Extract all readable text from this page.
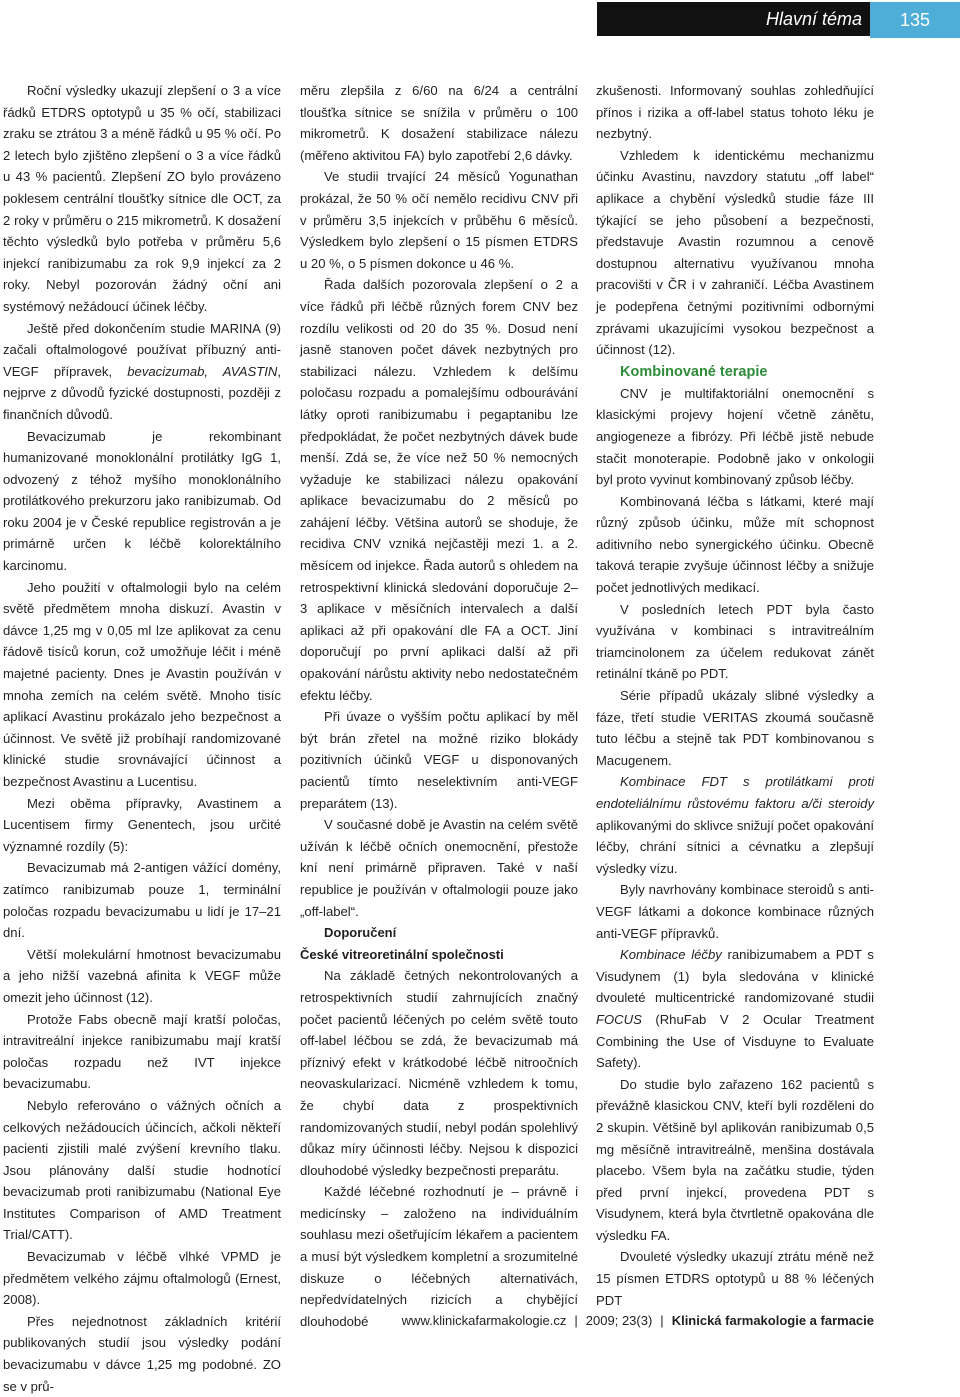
Hlavní téma	135

Roční výsledky ukazují zlepšení o 3 a více řádků ETDRS optotypů u 35 % očí, stabilizaci zraku se ztrátou 3 a méně řádků u 95 % očí. Po 2 letech bylo zjištěno zlepšení o 3 a více řádků u 43 % pacientů. Zlepšení ZO bylo provázeno poklesem centrální tloušťky sítnice dle OCT, za 2 roky v průměru o 215 mikrometrů. K dosažení těchto výsledků bylo potřeba v průměru 5,6 injekcí ranibizumabu za rok 9,9 injekcí za 2 roky. Nebyl pozorován žádný oční ani systémový nežádoucí účinek léčby.

Ještě před dokončením studie MARINA (9) začali oftalmologové používat příbuzný anti-VEGF přípravek, bevacizumab, AVASTIN, nejprve z důvodů fyzické dostupnosti, později z finančních důvodů.

Bevacizumab je rekombinant humanizované monoklonální protilátky IgG 1, odvozený z téhož myšího monoklonálního protilátkového prekurzoru jako ranibizumab. Od roku 2004 je v České republice registrován a je primárně určen k léčbě kolorektálního karcinomu.

Jeho použití v oftalmologii bylo na celém světě předmětem mnoha diskuzí. Avastin v dávce 1,25 mg v 0,05 ml lze aplikovat za cenu řádově tisíců korun, což umožňuje léčit i méně majetné pacienty. Dnes je Avastin používán v mnoha zemích na celém světě. Mnoho tisíc aplikací Avastinu prokázalo jeho bezpečnost a účinnost. Ve světě již probíhají randomizované klinické studie srovnávající účinnost a bezpečnost Avastinu a Lucentisu.

Mezi oběma přípravky, Avastinem a Lucentisem firmy Genentech, jsou určité významné rozdíly (5):

Bevacizumab má 2-antigen vážící domény, zatímco ranibizumab pouze 1, terminální poločas rozpadu bevacizumabu u lidí je 17–21 dní.

Větší molekulární hmotnost bevacizumabu a jeho nižší vazebná afinita k VEGF může omezit jeho účinnost (12).

Protože Fabs obecně mají kratší poločas, intravitreální injekce ranibizumabu mají kratší poločas rozpadu než IVT injekce bevacizumabu.

Nebylo referováno o vážných očních a celkových nežádoucích účincích, ačkoli někteří pacienti zjistili malé zvýšení krevního tlaku. Jsou plánovány další studie hodnotící bevacizumab proti ranibizumabu (National Eye Institutes Comparison of AMD Treatment Trial/CATT).

Bevacizumab v léčbě vlhké VPMD je předmětem velkého zájmu oftalmologů (Ernest, 2008).

Přes nejednotnost základních kritérií publikovaných studií jsou výsledky podání bevacizumabu v dávce 1,25 mg podobné. ZO se v prů-

měru zlepšila z 6/60 na 6/24 a centrální tloušťka sítnice se snížila v průměru o 100 mikrometrů. K dosažení stabilizace nálezu (měřeno aktivitou FA) bylo zapotřebí 2,6 dávky.

Ve studii trvající 24 měsíců Yogunathan prokázal, že 50 % očí nemělo recidivu CNV při v průměru 3,5 injekcích v průběhu 6 měsíců. Výsledkem bylo zlepšení o 15 písmen ETDRS u 20 %, o 5 písmen dokonce u 46 %.

Řada dalších pozorovala zlepšení o 2 a více řádků při léčbě různých forem CNV bez rozdílu velikosti od 20 do 35 %. Dosud není jasně stanoven počet dávek nezbytných pro stabilizaci nálezu. Vzhledem k delšímu poločasu rozpadu a pomalejšímu odbourávání látky oproti ranibizumabu i pegaptanibu lze předpokládat, že počet nezbytných dávek bude menší. Zdá se, že více než 50 % nemocných vyžaduje ke stabilizaci nálezu opakování aplikace bevacizumabu do 2 měsíců po zahájení léčby. Většina autorů se shoduje, že recidiva CNV vzniká nejčastěji mezi 1. a 2. měsícem od injekce. Řada autorů s ohledem na retrospektivní klinická sledování doporučuje 2–3 aplikace v měsíčních intervalech a další aplikaci až při opakování dle FA a OCT. Jiní doporučují po první aplikaci další až při opakování nárůstu aktivity nebo nedostatečném efektu léčby.

Při úvaze o vyšším počtu aplikací by měl být brán zřetel na možné riziko blokády pozitivních účinků VEGF u disponovaných pacientů tímto neselektivním anti-VEGF preparátem (13).

V současné době je Avastin na celém světě užíván k léčbě očních onemocnění, přestože kní není primárně připraven. Také v naší republice je používán v oftalmologii pouze jako „off-label“.

Doporučení
České vitreoretinální společnosti

Na základě četných nekontrolovaných a retrospektivních studií zahrnujících značný počet pacientů léčených po celém světě touto off-label léčbou se zdá, že bevacizumab má příznivý efekt v krátkodobé léčbě nitroočních neovaskularizací. Nicméně vzhledem k tomu, že chybí data z prospektivních randomizovaných studií, nebyl podán spolehlivý důkaz míry účinnosti léčby. Nejsou k dispozici dlouhodobé výsledky bezpečnosti preparátu.

Každé léčebné rozhodnutí je – právně i medicínsky – založeno na individuálním souhlasu mezi ošetřujícím lékařem a pacientem a musí být výsledkem kompletní a srozumitelné diskuze o léčebných alternativách, nepředvídatelných rizicích a chybějící dlouhodobé

zkušenosti. Informovaný souhlas zohledňující přínos i rizika a off-label status tohoto léku je nezbytný.

Vzhledem k identickému mechanizmu účinku Avastinu, navzdory statutu „off label“ aplikace a chybění výsledků studie fáze III týkající se jeho působení a bezpečnosti, představuje Avastin rozumnou a cenově dostupnou alternativu využívanou mnoha pracovišti v ČR i v zahraničí. Léčba Avastinem je podepřena četnými pozitivními odbornými zprávami ukazujícími vysokou bezpečnost a účinnost (12).

Kombinované terapie

CNV je multifaktoriální onemocnění s klasickými projevy hojení včetně zánětu, angiogeneze a fibrózy. Při léčbě jistě nebude stačit monoterapie. Podobně jako v onkologii byl proto vyvinut kombinovaný způsob léčby.

Kombinovaná léčba s látkami, které mají různý způsob účinku, může mít schopnost aditivního nebo synergického účinku. Obecně taková terapie zvyšuje účinnost léčby a snižuje počet jednotlivých medikací.

V posledních letech PDT byla často využívána v kombinaci s intravitreálním triamcinolonem za účelem redukovat zánět retinální tkáně po PDT.

Série případů ukázaly slibné výsledky a fáze, třetí studie VERITAS zkoumá současně tuto léčbu a stejně tak PDT kombinovanou s Macugenem.

Kombinace FDT s protilátkami proti endoteliálnímu růstovému faktoru a/či steroidy aplikovanými do sklivce snižují počet opakování léčby, chrání sítnici a cévnatku a zlepšují výsledky vízu.

Byly navrhovány kombinace steroidů s anti-VEGF látkami a dokonce kombinace různých anti-VEGF přípravků.

Kombinace léčby ranibizumabem a PDT s Visudynem (1) byla sledována v klinické dvouleté multicentrické randomizované studii FOCUS (RhuFab V 2 Ocular Treatment Combining the Use of Visduyne to Evaluate Safety).

Do studie bylo zařazeno 162 pacientů s převážně klasickou CNV, kteří byli rozděleni do 2 skupin. Většině byl aplikován ranibizumab 0,5 mg měsíčně intravitreálně, menšina dostávala placebo. Všem byla na začátku studie, týden před první injekcí, provedena PDT s Visudynem, která byla čtvrtletně opakována dle výsledku FA.

Dvouleté výsledky ukazují ztrátu méně než 15 písmen ETDRS optotypů u 88 % léčených PDT

www.klinickafarmakologie.cz | 2009; 23(3) | Klinická farmakologie a farmacie
